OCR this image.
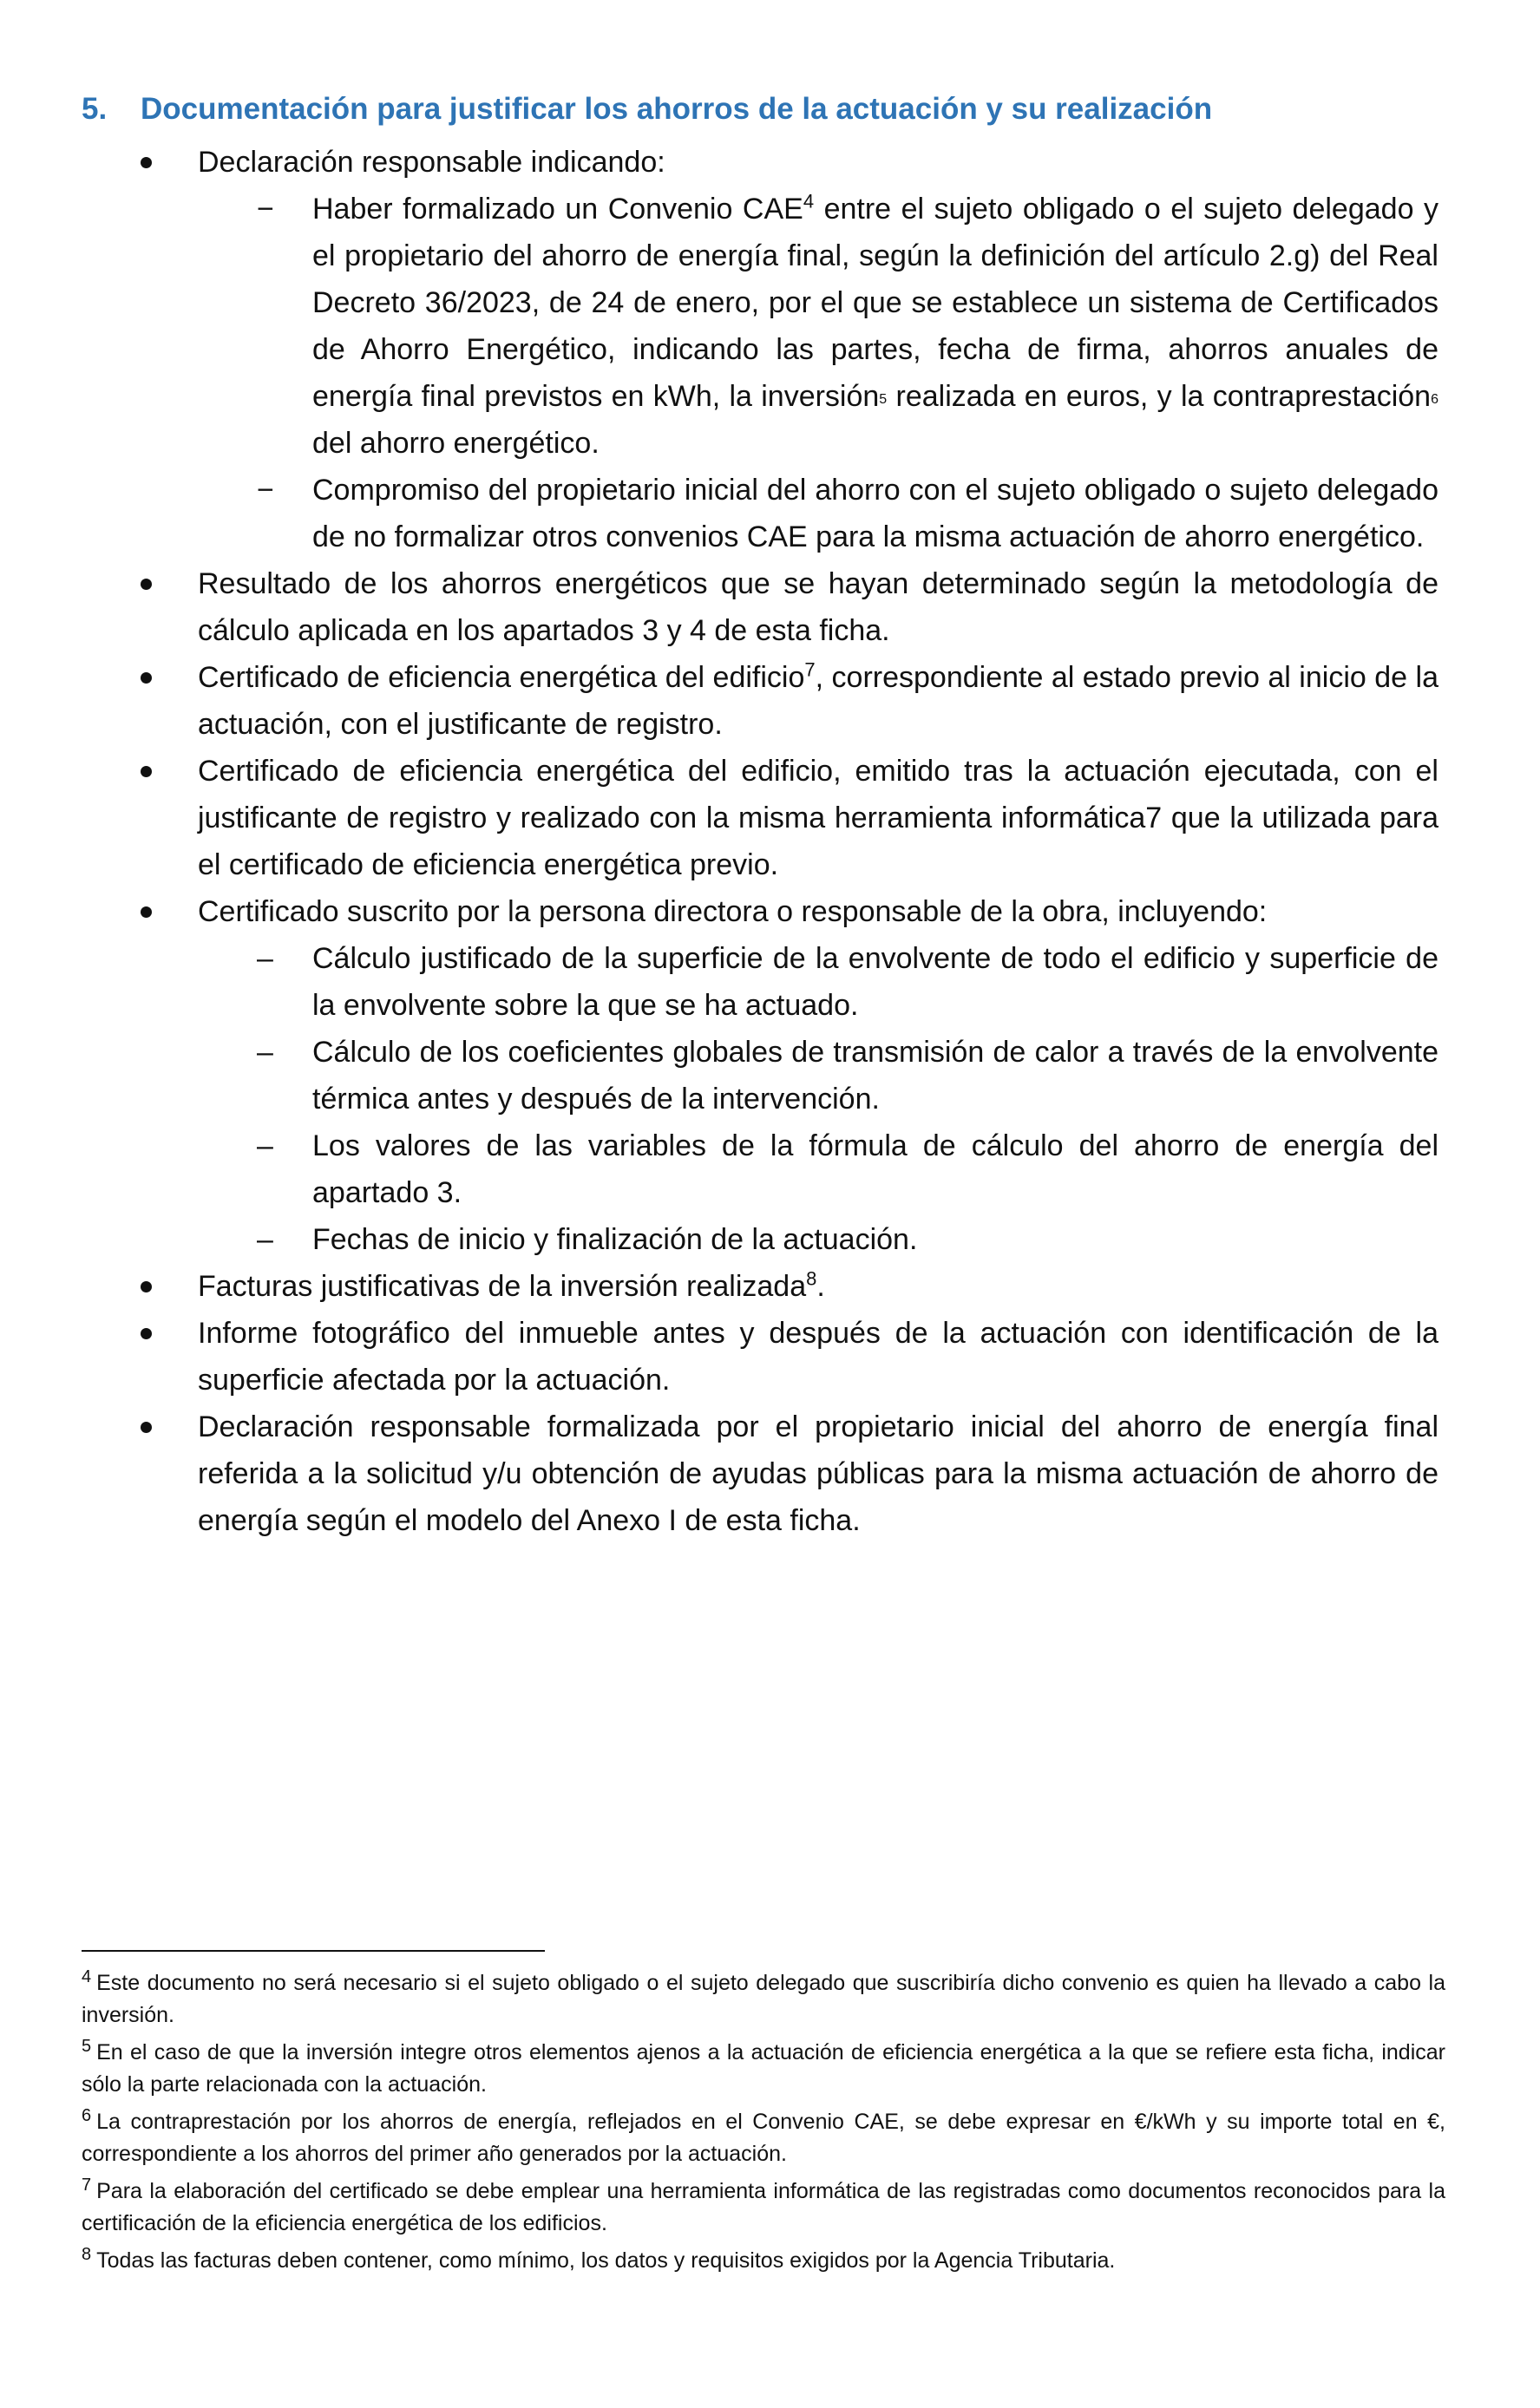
5. Documentación para justificar los ahorros de la actuación y su realización
Declaración responsable indicando:
− Haber formalizado un Convenio CAE$^4$ entre el sujeto obligado o el sujeto delegado y el propietario del ahorro de energía final, según la definición del artículo 2.g) del Real Decreto 36/2023, de 24 de enero, por el que se establece un sistema de Certificados de Ahorro Energético, indicando las partes, fecha de firma, ahorros anuales de energía final previstos en kWh, la inversión5 realizada en euros, y la contraprestación6 del ahorro energético.
− Compromiso del propietario inicial del ahorro con el sujeto obligado o sujeto delegado de no formalizar otros convenios CAE para la misma actuación de ahorro energético.
Resultado de los ahorros energéticos que se hayan determinado según la metodología de cálculo aplicada en los apartados 3 y 4 de esta ficha.
Certificado de eficiencia energética del edificio$^7$, correspondiente al estado previo al inicio de la actuación, con el justificante de registro.
Certificado de eficiencia energética del edificio, emitido tras la actuación ejecutada, con el justificante de registro y realizado con la misma herramienta informática7 que la utilizada para el certificado de eficiencia energética previo.
Certificado suscrito por la persona directora o responsable de la obra, incluyendo:
– Cálculo justificado de la superficie de la envolvente de todo el edificio y superficie de la envolvente sobre la que se ha actuado.
– Cálculo de los coeficientes globales de transmisión de calor a través de la envolvente térmica antes y después de la intervención.
– Los valores de las variables de la fórmula de cálculo del ahorro de energía del apartado 3.
– Fechas de inicio y finalización de la actuación.
Facturas justificativas de la inversión realizada$^8$.
Informe fotográfico del inmueble antes y después de la actuación con identificación de la superficie afectada por la actuación.
Declaración responsable formalizada por el propietario inicial del ahorro de energía final referida a la solicitud y/u obtención de ayudas públicas para la misma actuación de ahorro de energía según el modelo del Anexo I de esta ficha.
$^4$ Este documento no será necesario si el sujeto obligado o el sujeto delegado que suscribiría dicho convenio es quien ha llevado a cabo la inversión.
$^5$ En el caso de que la inversión integre otros elementos ajenos a la actuación de eficiencia energética a la que se refiere esta ficha, indicar sólo la parte relacionada con la actuación.
$^6$ La contraprestación por los ahorros de energía, reflejados en el Convenio CAE, se debe expresar en €/kWh y su importe total en €, correspondiente a los ahorros del primer año generados por la actuación.
$^7$ Para la elaboración del certificado se debe emplear una herramienta informática de las registradas como documentos reconocidos para la certificación de la eficiencia energética de los edificios.
$^8$ Todas las facturas deben contener, como mínimo, los datos y requisitos exigidos por la Agencia Tributaria.
